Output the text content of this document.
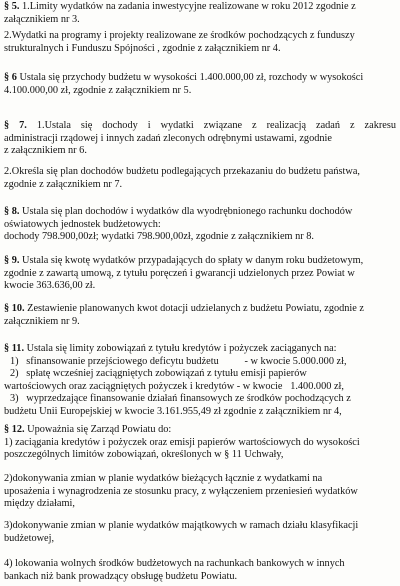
§ 5. 1.Limity wydatków na zadania inwestycyjne realizowane w roku 2012 zgodnie z
załącznikiem nr 3.

2.Wydatki na programy i projekty realizowane ze środków pochodzących z funduszy
strukturalnych i Funduszu Spójności , zgodnie z załącznikiem nr 4.

§ 6 Ustala się przychody budżetu w wysokości 1.400.000,00 zł, rozchody w wysokości
4.100.000,00 zł, zgodnie z załącznikiem nr 5.

§ 7. 1.Ustala się dochody i wydatki związane z realizacją zadań z zakresu
administracji rządowej i innych zadań zleconych odrębnymi ustawami, zgodnie
z załącznikiem nr 6.

2.Określa się plan dochodów budżetu podlegających przekazaniu do budżetu państwa,
zgodnie z załącznikiem nr 7.

§ 8. Ustala się plan dochodów i wydatków dla wyodrębnionego rachunku dochodów
oświatowych jednostek budżetowych:
dochody 798.900,00zł; wydatki 798.900,00zł, zgodnie z załącznikiem nr 8.

§ 9. Ustala się kwotę wydatków przypadających do spłaty w danym roku budżetowym,
zgodnie z zawartą umową, z tytułu poręczeń i gwarancji udzielonych przez Powiat w
kwocie 363.636,00 zł.

§ 10. Zestawienie planowanych kwot dotacji udzielanych z budżetu Powiatu, zgodnie z
załącznikiem nr 9.

§ 11. Ustala się limity zobowiązań z tytułu kredytów i pożyczek zaciąganych na:
1)   sfinansowanie przejściowego deficytu budżetu          - w kwocie 5.000.000 zł,
2)   spłatę wcześniej zaciągniętych zobowiązań z tytułu emisji papierów
wartościowych oraz zaciągniętych pożyczek i kredytów - w kwocie   1.400.000 zł,
3)   wyprzedzające finansowanie działań finansowych ze środków pochodzących z
budżetu Unii Europejskiej w kwocie 3.161.955,49 zł zgodnie z załącznikiem nr 4,

§ 12. Upoważnia się Zarząd Powiatu do:
1) zaciągania kredytów i pożyczek oraz emisji papierów wartościowych do wysokości
poszczególnych limitów zobowiązań, określonych w § 11 Uchwały,

2)dokonywania zmian w planie wydatków bieżących łącznie z wydatkami na
uposażenia i wynagrodzenia ze stosunku pracy, z wyłączeniem przeniesień wydatków
między działami,

3)dokonywanie zmian w planie wydatków majątkowych w ramach działu klasyfikacji
budżetowej,

4) lokowania wolnych środków budżetowych na rachunkach bankowych w innych
bankach niż bank prowadzący obsługę budżetu Powiatu.
